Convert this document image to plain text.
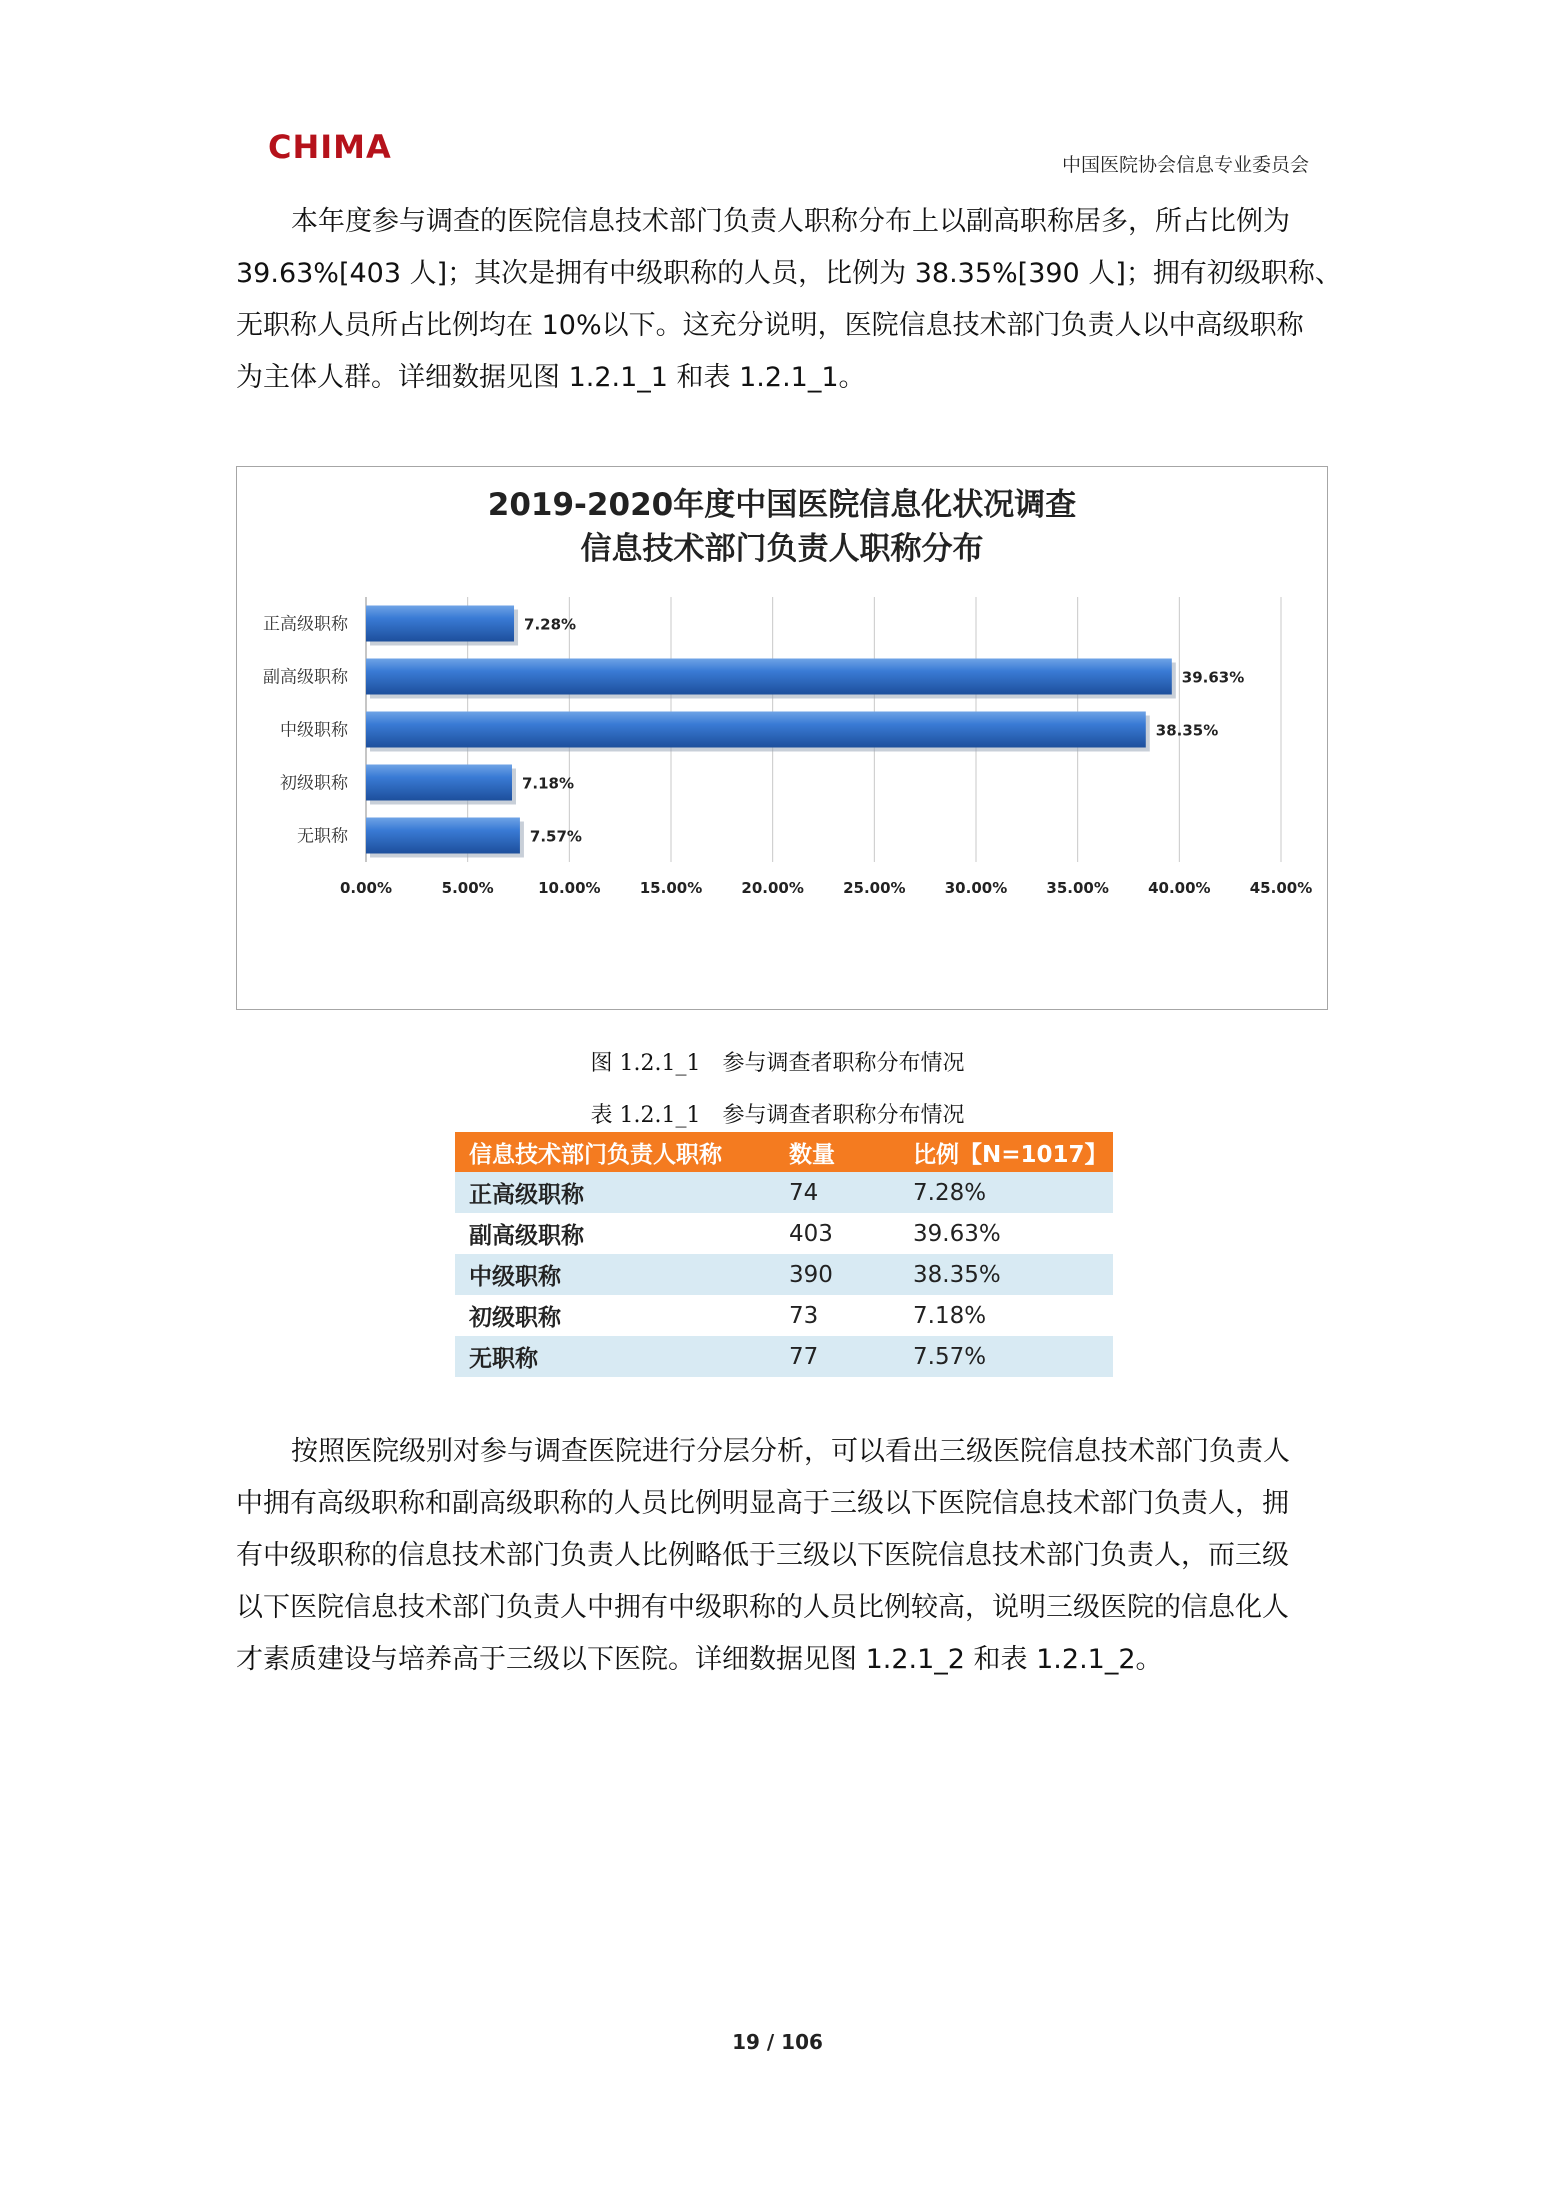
CHIMA	中国医院协会信息专业委员会

本年度参与调查的医院信息技术部门负责人职称分布上以副高职称居多，所占比例为
39.63%[403 人]；其次是拥有中级职称的人员，比例为 38.35%[390 人]；拥有初级职称、
无职称人员所占比例均在 10%以下。这充分说明，医院信息技术部门负责人以中高级职称
为主体人群。详细数据见图 1.2.1_1 和表 1.2.1_1。

2019-2020年度中国医院信息化状况调查
信息技术部门负责人职称分布
0.00%	5.00%	10.00%	15.00%	20.00%	25.00%	30.00%	35.00%	40.00%	45.00%
正高级职称	7.28%
副高级职称	39.63%
中级职称	38.35%
初级职称	7.18%
无职称	7.57%
图 1.2.1_1　参与调查者职称分布情况
表 1.2.1_1　参与调查者职称分布情况
信息技术部门负责人职称	数量	比例【N=1017】
正高级职称	74	7.28%
副高级职称	403	39.63%
中级职称	390	38.35%
初级职称	73	7.18%
无职称	77	7.57%

按照医院级别对参与调查医院进行分层分析，可以看出三级医院信息技术部门负责人
中拥有高级职称和副高级职称的人员比例明显高于三级以下医院信息技术部门负责人，拥
有中级职称的信息技术部门负责人比例略低于三级以下医院信息技术部门负责人，而三级
以下医院信息技术部门负责人中拥有中级职称的人员比例较高，说明三级医院的信息化人
才素质建设与培养高于三级以下医院。详细数据见图 1.2.1_2 和表 1.2.1_2。

19 / 106
